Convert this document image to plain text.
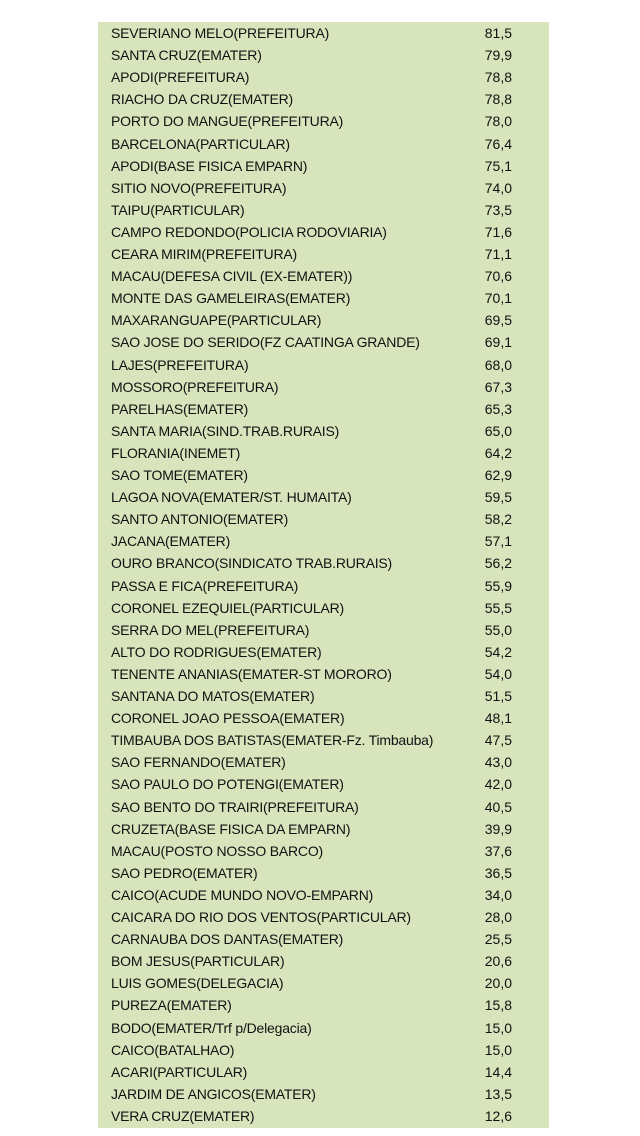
SEVERIANO MELO(PREFEITURA)	81,5
SANTA CRUZ(EMATER)	79,9
APODI(PREFEITURA)	78,8
RIACHO DA CRUZ(EMATER)	78,8
PORTO DO MANGUE(PREFEITURA)	78,0
BARCELONA(PARTICULAR)	76,4
APODI(BASE FISICA EMPARN)	75,1
SITIO NOVO(PREFEITURA)	74,0
TAIPU(PARTICULAR)	73,5
CAMPO REDONDO(POLICIA RODOVIARIA)	71,6
CEARA MIRIM(PREFEITURA)	71,1
MACAU(DEFESA CIVIL (EX-EMATER))	70,6
MONTE DAS GAMELEIRAS(EMATER)	70,1
MAXARANGUAPE(PARTICULAR)	69,5
SAO JOSE DO SERIDO(FZ CAATINGA GRANDE)	69,1
LAJES(PREFEITURA)	68,0
MOSSORO(PREFEITURA)	67,3
PARELHAS(EMATER)	65,3
SANTA MARIA(SIND.TRAB.RURAIS)	65,0
FLORANIA(INEMET)	64,2
SAO TOME(EMATER)	62,9
LAGOA NOVA(EMATER/ST. HUMAITA)	59,5
SANTO ANTONIO(EMATER)	58,2
JACANA(EMATER)	57,1
OURO BRANCO(SINDICATO TRAB.RURAIS)	56,2
PASSA E FICA(PREFEITURA)	55,9
CORONEL EZEQUIEL(PARTICULAR)	55,5
SERRA DO MEL(PREFEITURA)	55,0
ALTO DO RODRIGUES(EMATER)	54,2
TENENTE ANANIAS(EMATER-ST MORORO)	54,0
SANTANA DO MATOS(EMATER)	51,5
CORONEL JOAO PESSOA(EMATER)	48,1
TIMBAUBA DOS BATISTAS(EMATER-Fz. Timbauba)	47,5
SAO FERNANDO(EMATER)	43,0
SAO PAULO DO POTENGI(EMATER)	42,0
SAO BENTO DO TRAIRI(PREFEITURA)	40,5
CRUZETA(BASE FISICA DA EMPARN)	39,9
MACAU(POSTO NOSSO BARCO)	37,6
SAO PEDRO(EMATER)	36,5
CAICO(ACUDE MUNDO NOVO-EMPARN)	34,0
CAICARA DO RIO DOS VENTOS(PARTICULAR)	28,0
CARNAUBA DOS DANTAS(EMATER)	25,5
BOM JESUS(PARTICULAR)	20,6
LUIS GOMES(DELEGACIA)	20,0
PUREZA(EMATER)	15,8
BODO(EMATER/Trf p/Delegacia)	15,0
CAICO(BATALHAO)	15,0
ACARI(PARTICULAR)	14,4
JARDIM DE ANGICOS(EMATER)	13,5
VERA CRUZ(EMATER)	12,6
